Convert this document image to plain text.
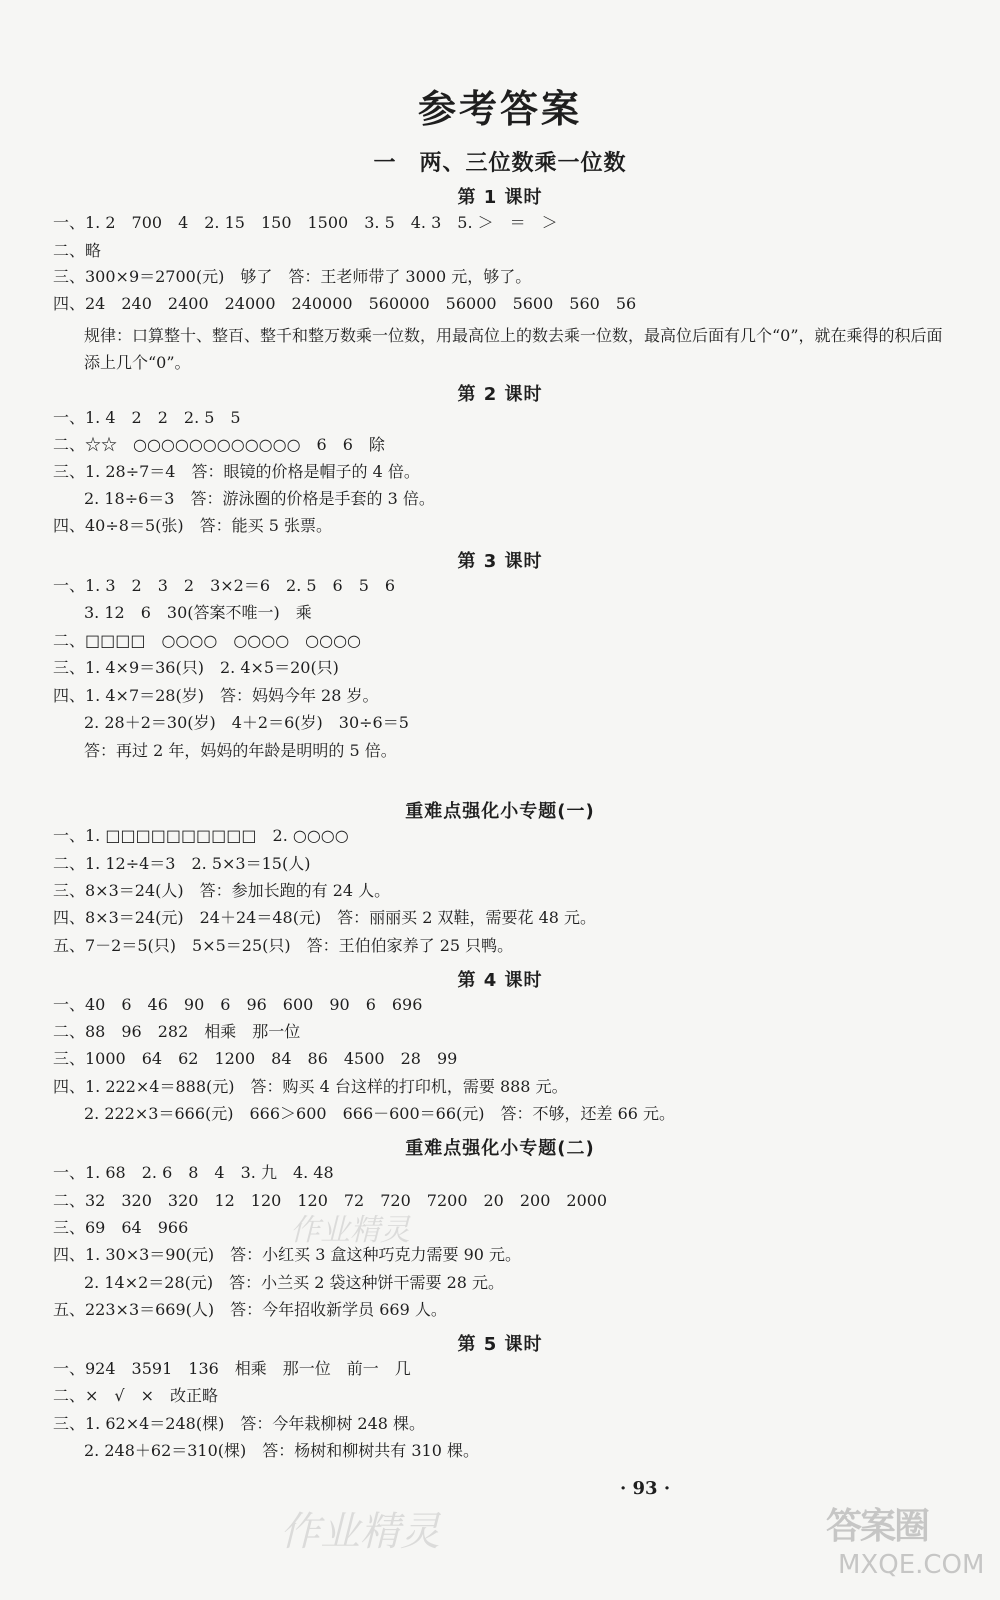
参考答案
一　两、三位数乘一位数
第 1 课时
一、1. 2　700　4　2. 15　150　1500　3. 5　4. 3　5. ＞　＝　＞
二、略
三、300×9＝2700(元)　够了　答：王老师带了 3000 元，够了。
四、24　240　2400　24000　240000　560000　56000　5600　560　56
规律：口算整十、整百、整千和整万数乘一位数，用最高位上的数去乘一位数，最高位后面有几个“0”，就在乘得的积后面添上几个“0”。
第 2 课时
一、1. 4　2　2　2. 5　5
二、☆☆　○○○○○○○○○○○○　6　6　除
三、1. 28÷7＝4　答：眼镜的价格是帽子的 4 倍。
2. 18÷6＝3　答：游泳圈的价格是手套的 3 倍。
四、40÷8＝5(张)　答：能买 5 张票。
第 3 课时
一、1. 3　2　3　2　3×2＝6　2. 5　6　5　6
3. 12　6　30(答案不唯一)　乘
二、□□□□　○○○○　○○○○　○○○○
三、1. 4×9＝36(只)　2. 4×5＝20(只)
四、1. 4×7＝28(岁)　答：妈妈今年 28 岁。
2. 28＋2＝30(岁)　4＋2＝6(岁)　30÷6＝5
答：再过 2 年，妈妈的年龄是明明的 5 倍。
重难点强化小专题(一)
一、1. □□□□□□□□□□　2. ○○○○
二、1. 12÷4＝3　2. 5×3＝15(人)
三、8×3＝24(人)　答：参加长跑的有 24 人。
四、8×3＝24(元)　24＋24＝48(元)　答：丽丽买 2 双鞋，需要花 48 元。
五、7－2＝5(只)　5×5＝25(只)　答：王伯伯家养了 25 只鸭。
第 4 课时
一、40　6　46　90　6　96　600　90　6　696
二、88　96　282　相乘　那一位
三、1000　64　62　1200　84　86　4500　28　99
四、1. 222×4＝888(元)　答：购买 4 台这样的打印机，需要 888 元。
2. 222×3＝666(元)　666＞600　666－600＝66(元)　答：不够，还差 66 元。
重难点强化小专题(二)
一、1. 68　2. 6　8　4　3. 九　4. 48
二、32　320　320　12　120　120　72　720　7200　20　200　2000
三、69　64　966
四、1. 30×3＝90(元)　答：小红买 3 盒这种巧克力需要 90 元。
2. 14×2＝28(元)　答：小兰买 2 袋这种饼干需要 28 元。
五、223×3＝669(人)　答：今年招收新学员 669 人。
第 5 课时
一、924　3591　136　相乘　那一位　前一　几
二、×　√　×　改正略
三、1. 62×4＝248(棵)　答：今年栽柳树 248 棵。
2. 248＋62＝310(棵)　答：杨树和柳树共有 310 棵。
· 93 ·
作业精灵
作业精灵	答案圈
MXQE.COM
